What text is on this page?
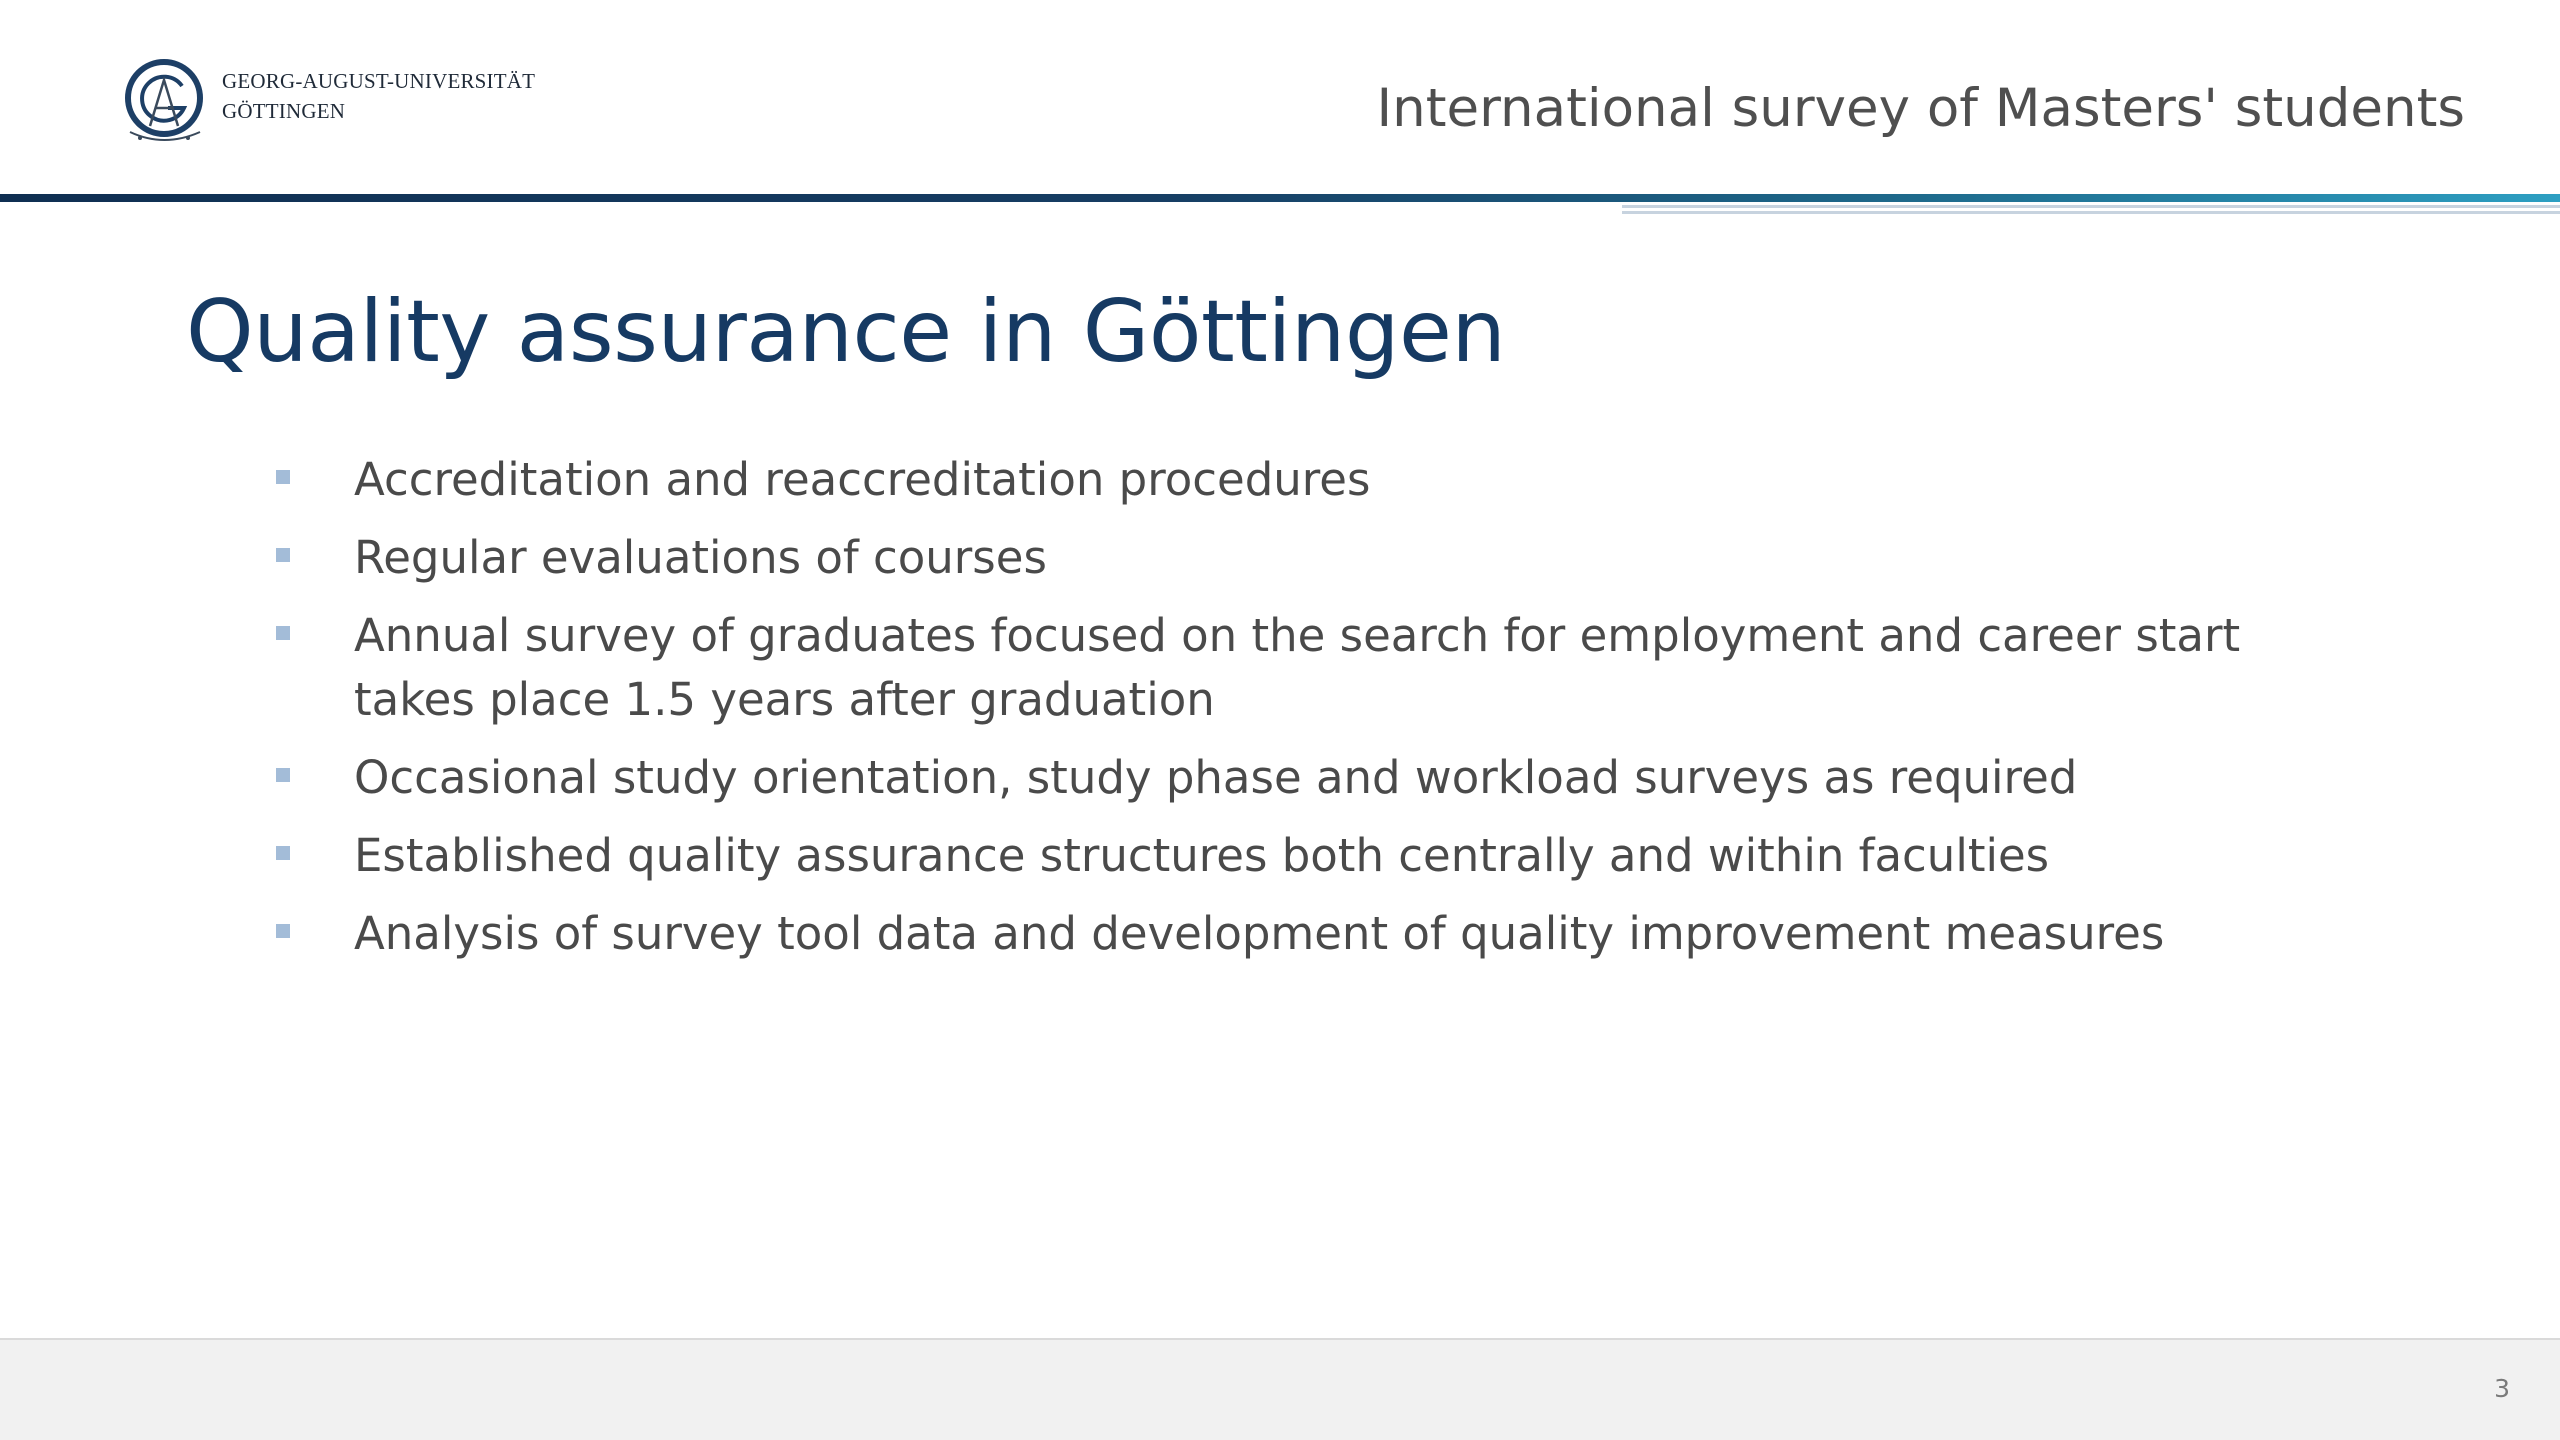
GEORG-AUGUST-UNIVERSITÄT
GÖTTINGEN	International survey of Masters' students
Quality assurance in Göttingen
Accreditation and reaccreditation procedures
Regular evaluations of courses
Annual survey of graduates focused on the search for employment and career start takes place 1.5 years after graduation
Occasional study orientation, study phase and workload surveys as required
Established quality assurance structures both centrally and within faculties
Analysis of survey tool data and development of quality improvement measures
3
